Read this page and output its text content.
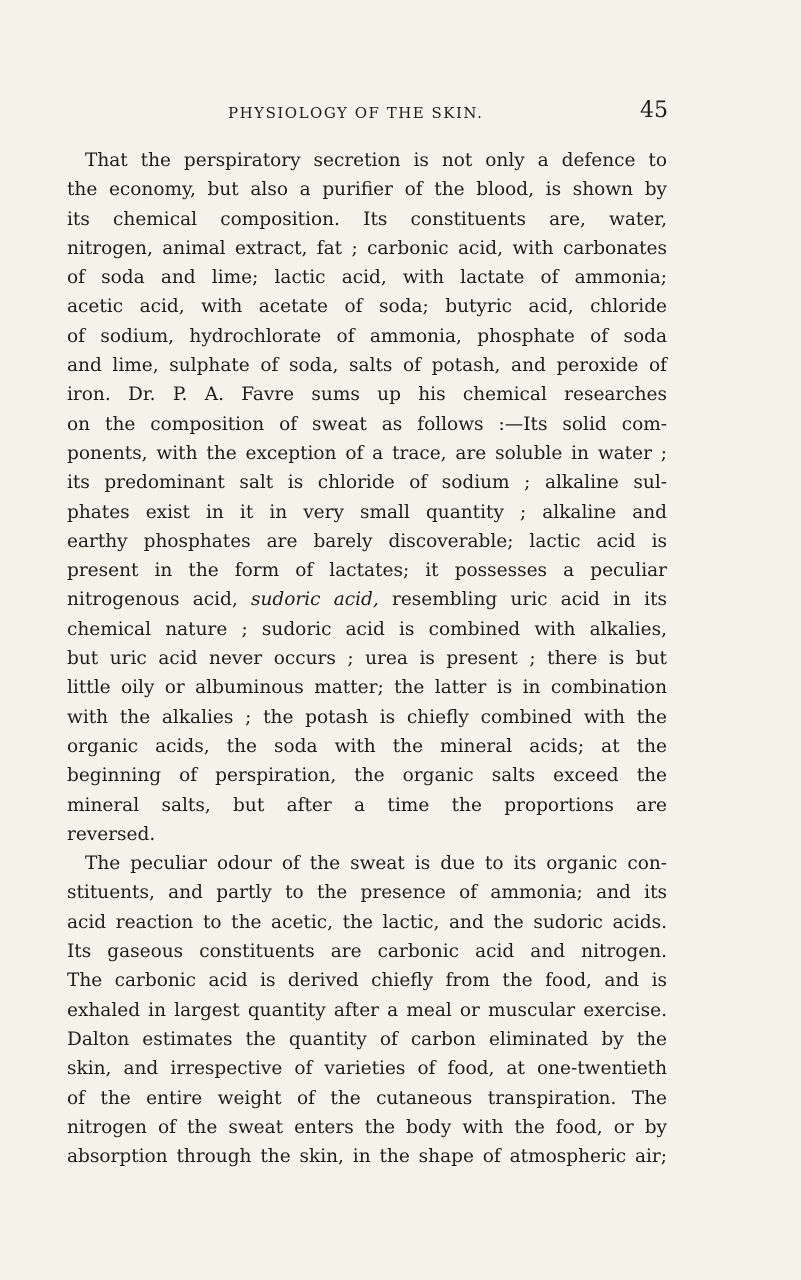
PHYSIOLOGY OF THE SKIN.	45
That the perspiratory secretion is not only a defence to
the economy, but also a purifier of the blood, is shown by
its chemical composition. Its constituents are, water,
nitrogen, animal extract, fat ; carbonic acid, with carbonates
of soda and lime; lactic acid, with lactate of ammonia;
acetic acid, with acetate of soda; butyric acid, chloride
of sodium, hydrochlorate of ammonia, phosphate of soda
and lime, sulphate of soda, salts of potash, and peroxide of
iron. Dr. P. A. Favre sums up his chemical researches
on the composition of sweat as follows :—Its solid com-
ponents, with the exception of a trace, are soluble in water ;
its predominant salt is chloride of sodium ; alkaline sul-
phates exist in it in very small quantity ; alkaline and
earthy phosphates are barely discoverable; lactic acid is
present in the form of lactates; it possesses a peculiar
nitrogenous acid, sudoric acid, resembling uric acid in its
chemical nature ; sudoric acid is combined with alkalies,
but uric acid never occurs ; urea is present ; there is but
little oily or albuminous matter; the latter is in combination
with the alkalies ; the potash is chiefly combined with the
organic acids, the soda with the mineral acids; at the
beginning of perspiration, the organic salts exceed the
mineral salts, but after a time the proportions are
reversed.
The peculiar odour of the sweat is due to its organic con-
stituents, and partly to the presence of ammonia; and its
acid reaction to the acetic, the lactic, and the sudoric acids.
Its gaseous constituents are carbonic acid and nitrogen.
The carbonic acid is derived chiefly from the food, and is
exhaled in largest quantity after a meal or muscular exercise.
Dalton estimates the quantity of carbon eliminated by the
skin, and irrespective of varieties of food, at one-twentieth
of the entire weight of the cutaneous transpiration. The
nitrogen of the sweat enters the body with the food, or by
absorption through the skin, in the shape of atmospheric air;
